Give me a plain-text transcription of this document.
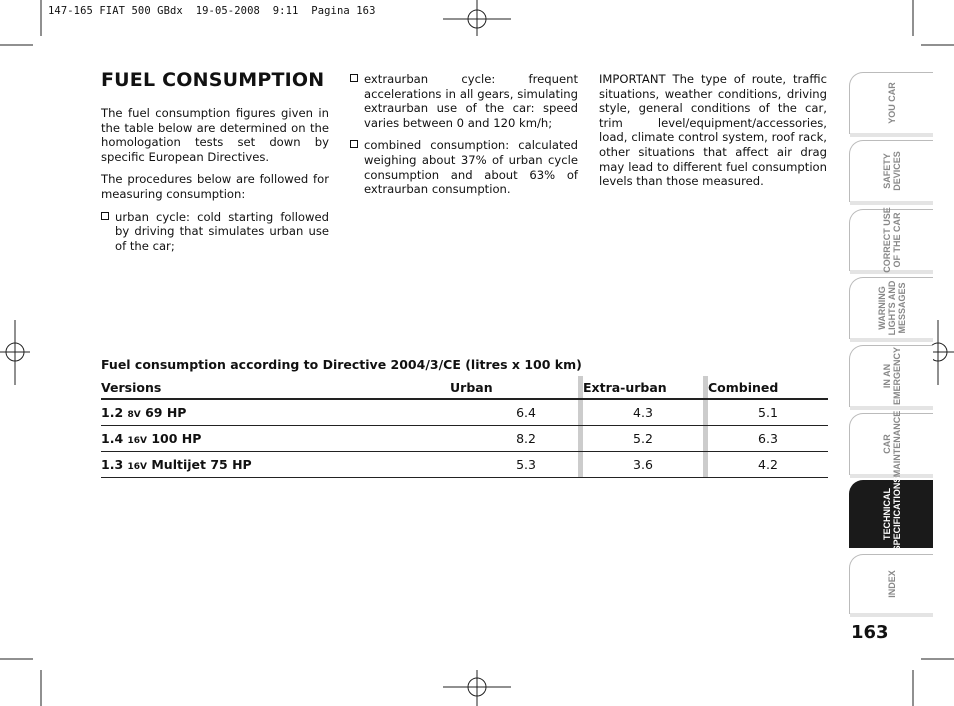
147-165 FIAT 500 GBdx  19-05-2008  9:11  Pagina 163
FUEL CONSUMPTION

The fuel consumption figures given in the table below are determined on the homologation tests set down by specific European Directives.

The procedures below are followed for measuring consumption:

urban cycle: cold starting followed by driving that simulates urban use of the car;
extraurban cycle: frequent accelerations in all gears, simulating extraurban use of the car: speed varies between 0 and 120 km/h;
combined consumption: calculated weighing about 37% of urban cycle consumption and about 63% of extraurban consumption.

IMPORTANT The type of route, traffic situations, weather conditions, driving style, general conditions of the car, trim level/equipment/accessories, load, climate control system, roof rack, other situations that affect air drag may lead to different fuel consumption levels than those measured.

Fuel consumption according to Directive 2004/3/CE (litres x 100 km)
Versions	Urban		Extra-urban		Combined
1.2 8V 69 HP	6.4		4.3		5.1
1.4 16V 100 HP	8.2		5.2		6.3
1.3 16V Multijet 75 HP	5.3		3.6		4.2
YOU CAR
SAFETY
DEVICES
CORRECT USE
OF THE CAR
WARNING
LIGHTS AND
MESSAGES
IN AN
EMERGENCY
CAR
MAINTENANCE
TECHNICAL
SPECIFICATIONS
INDEX
163
